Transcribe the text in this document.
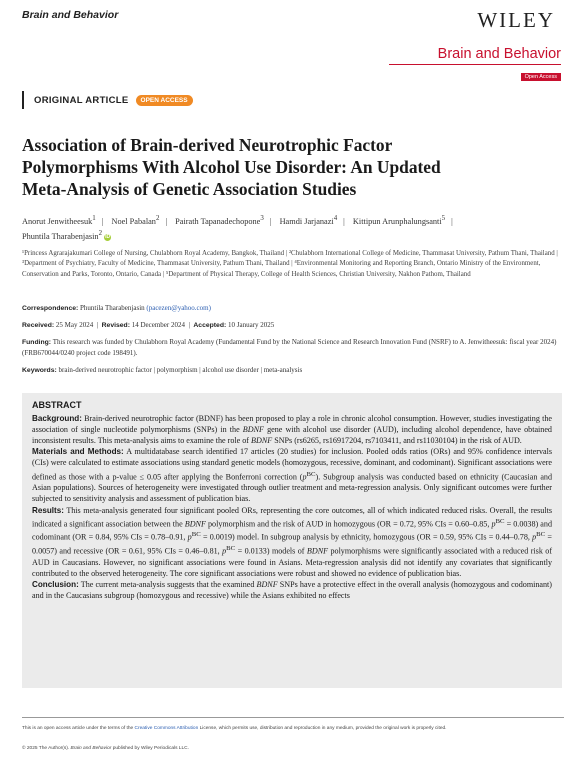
Brain and Behavior	WILEY
Brain and Behavior
Open Access
ORIGINAL ARTICLE	OPEN ACCESS
Association of Brain-derived Neurotrophic Factor
Polymorphisms With Alcohol Use Disorder: An Updated
Meta-Analysis of Genetic Association Studies
Anorut Jenwitheesuk$^1$ | Noel Pabalan$^2$ | Pairath Tapanadechopone$^3$ | Hamdi Jarjanazi$^4$ | Kittipun Arunphalungsanti$^5$ |
Phuntila Tharabenjasin$^2$ iD
¹Princess Agrarajakumari College of Nursing, Chulabhorn Royal Academy, Bangkok, Thailand | ²Chulabhorn International College of Medicine, Thammasat University, Pathum Thani, Thailand | ³Department of Psychiatry, Faculty of Medicine, Thammasat University, Pathum Thani, Thailand | ⁴Environmental Monitoring and Reporting Branch, Ontario Ministry of the Environment, Conservation and Parks, Toronto, Ontario, Canada | ⁵Department of Physical Therapy, College of Health Sciences, Christian University, Nakhon Pathom, Thailand
Correspondence: Phuntila Tharabenjasin (pacezen@yahoo.com)
Received: 25 May 2024  |  Revised: 14 December 2024  |  Accepted: 10 January 2025
Funding: This research was funded by Chulabhorn Royal Academy (Fundamental Fund by the National Science and Research Innovation Fund (NSRF) to A. Jenwitheesuk: fiscal year 2024) (FRB670044/0240 project code 198491).
Keywords: brain-derived neurotrophic factor | polymorphism | alcohol use disorder | meta-analysis
ABSTRACT

Background: Brain-derived neurotrophic factor (BDNF) has been proposed to play a role in chronic alcohol consumption. However, studies investigating the association of single nucleotide polymorphisms (SNPs) in the BDNF gene with alcohol use disorder (AUD), including alcohol dependence, have obtained inconsistent results. This meta-analysis aims to examine the role of BDNF SNPs (rs6265, rs16917204, rs7103411, and rs11030104) in the risk of AUD.

Materials and Methods: A multidatabase search identified 17 articles (20 studies) for inclusion. Pooled odds ratios (ORs) and 95% confidence intervals (CIs) were calculated to estimate associations using standard genetic models (homozygous, recessive, dominant, and codominant). Significant associations were defined as those with a p-value ≤ 0.05 after applying the Bonferroni correction $(p^{BC})$. Subgroup analysis was conducted based on ethnicity (Caucasian and Asian populations). Sources of heterogeneity were investigated through outlier treatment and meta-regression analysis. Only significant outcomes were further subjected to sensitivity analysis and assessment of publication bias.

Results: This meta-analysis generated four significant pooled ORs, representing the core outcomes, all of which indicated reduced risks. Overall, the results indicated a significant association between the BDNF polymorphism and the risk of AUD in homozygous (OR = 0.72, 95% CIs = 0.60–0.85, $p^{BC} = 0.0038$) and codominant (OR = 0.84, 95% CIs = 0.78–0.91, $p^{BC} = 0.0019$) model. In subgroup analysis by ethnicity, homozygous (OR = 0.59, 95% CIs = 0.44–0.78, $p^{BC} = 0.0057$) and recessive (OR = 0.61, 95% CIs = 0.46–0.81, $p^{BC} = 0.0133$) models of BDNF polymorphisms were significantly associated with a reduced risk of AUD in Caucasians. However, no significant associations were found in Asians. Meta-regression analysis did not identify any covariates that significantly contributed to the observed heterogeneity. The core significant associations were robust and showed no evidence of publication bias.

Conclusion: The current meta-analysis suggests that the examined BDNF SNPs have a protective effect in the overall analysis (homozygous and codominant) and in the Caucasians subgroup (homozygous and recessive) while the Asians exhibited no effects

This is an open access article under the terms of the Creative Commons Attribution License, which permits use, distribution and reproduction in any medium, provided the original work is properly cited.
© 2025 The Author(s). Brain and Behavior published by Wiley Periodicals LLC.
